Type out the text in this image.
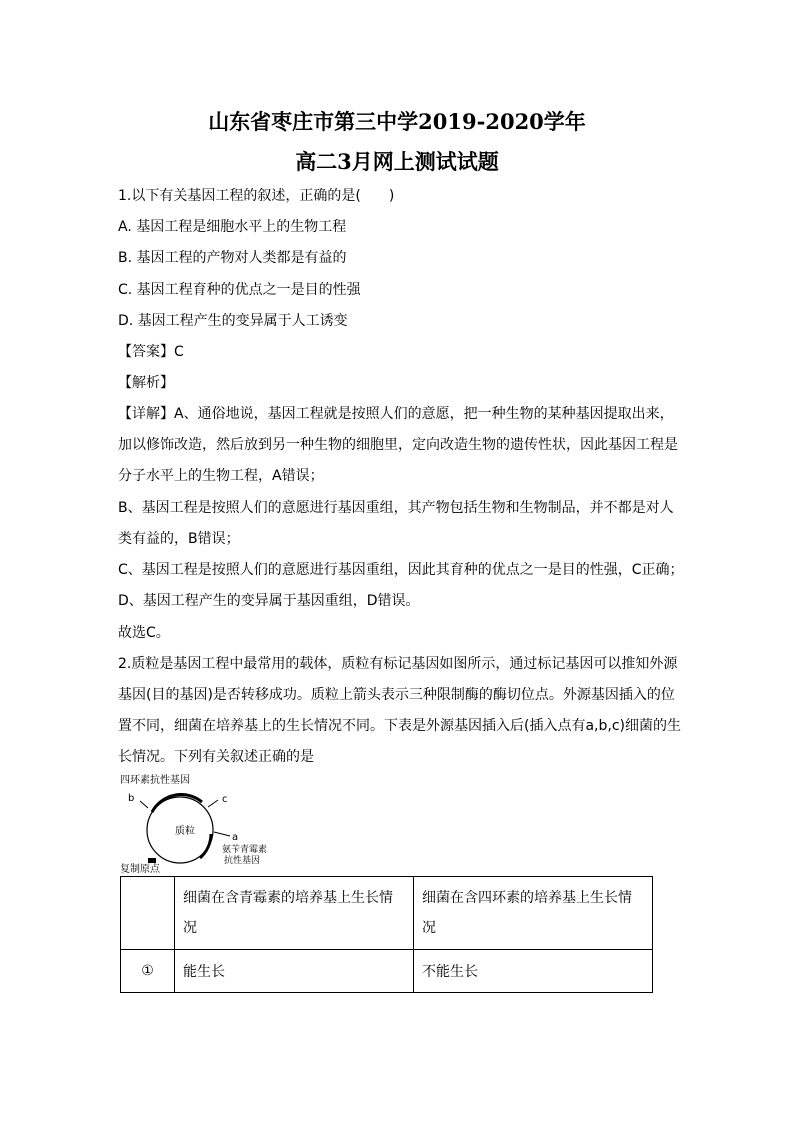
山东省枣庄市第三中学2019-2020学年
高二3月网上测试试题
1.以下有关基因工程的叙述，正确的是(　　)
A. 基因工程是细胞水平上的生物工程
B. 基因工程的产物对人类都是有益的
C. 基因工程育种的优点之一是目的性强
D. 基因工程产生的变异属于人工诱变
【答案】C
【解析】
【详解】A、通俗地说，基因工程就是按照人们的意愿，把一种生物的某种基因提取出来，
加以修饰改造，然后放到另一种生物的细胞里，定向改造生物的遗传性状，因此基因工程是
分子水平上的生物工程，A错误；
B、基因工程是按照人们的意愿进行基因重组，其产物包括生物和生物制品，并不都是对人
类有益的，B错误；
C、基因工程是按照人们的意愿进行基因重组，因此其育种的优点之一是目的性强，C正确；
D、基因工程产生的变异属于基因重组，D错误。
故选C。
2.质粒是基因工程中最常用的载体，质粒有标记基因如图所示，通过标记基因可以推知外源
基因(目的基因)是否转移成功。质粒上箭头表示三种限制酶的酶切位点。外源基因插入的位
置不同，细菌在培养基上的生长情况不同。下表是外源基因插入后(插入点有a,b,c)细菌的生
长情况。下列有关叙述正确的是
四环素抗性基因
b	c
质粒
a
氨苄青霉素
抗性基因
复制原点
	细菌在含青霉素的培养基上生长情况	细菌在含四环素的培养基上生长情况
①	能生长	不能生长
